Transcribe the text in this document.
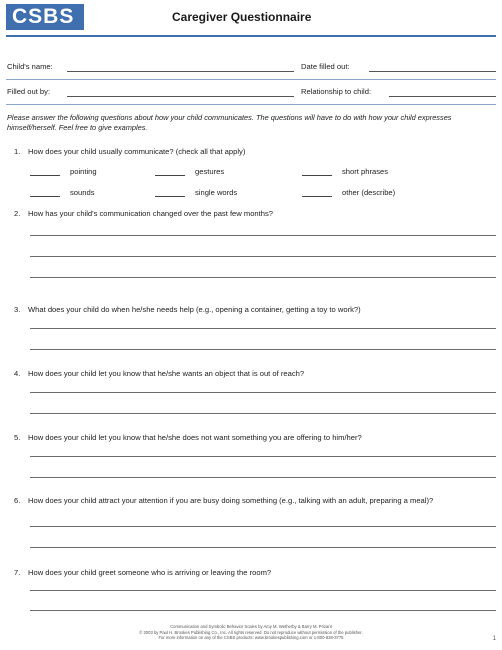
CSBS	Caregiver Questionnaire
Child's name:	Date filled out:
Filled out by:	Relationship to child:
Please answer the following questions about how your child communicates. The questions will have to do with how your child expresses himself/herself. Feel free to give examples.
1. How does your child usually communicate? (check all that apply)
pointing	gestures	short phrases
sounds	single words	other (describe)
2. How has your child's communication changed over the past few months?
3. What does your child do when he/she needs help (e.g., opening a container, getting a toy to work?)
4. How does your child let you know that he/she wants an object that is out of reach?
5. How does your child let you know that he/she does not want something you are offering to him/her?
6. How does your child attract your attention if you are busy doing something (e.g., talking with an adult, preparing a meal)?
7. How does your child greet someone who is arriving or leaving the room?
Communication and Symbolic Behavior Scales by Amy M. Wetherby & Barry M. Prizant
© 2003 by Paul H. Brookes Publishing Co., Inc. All rights reserved. Do not reproduce without permission of the publisher.
For more information on any of the CSBS products: www.brookespublishing.com or 1-800-638-3775	1
